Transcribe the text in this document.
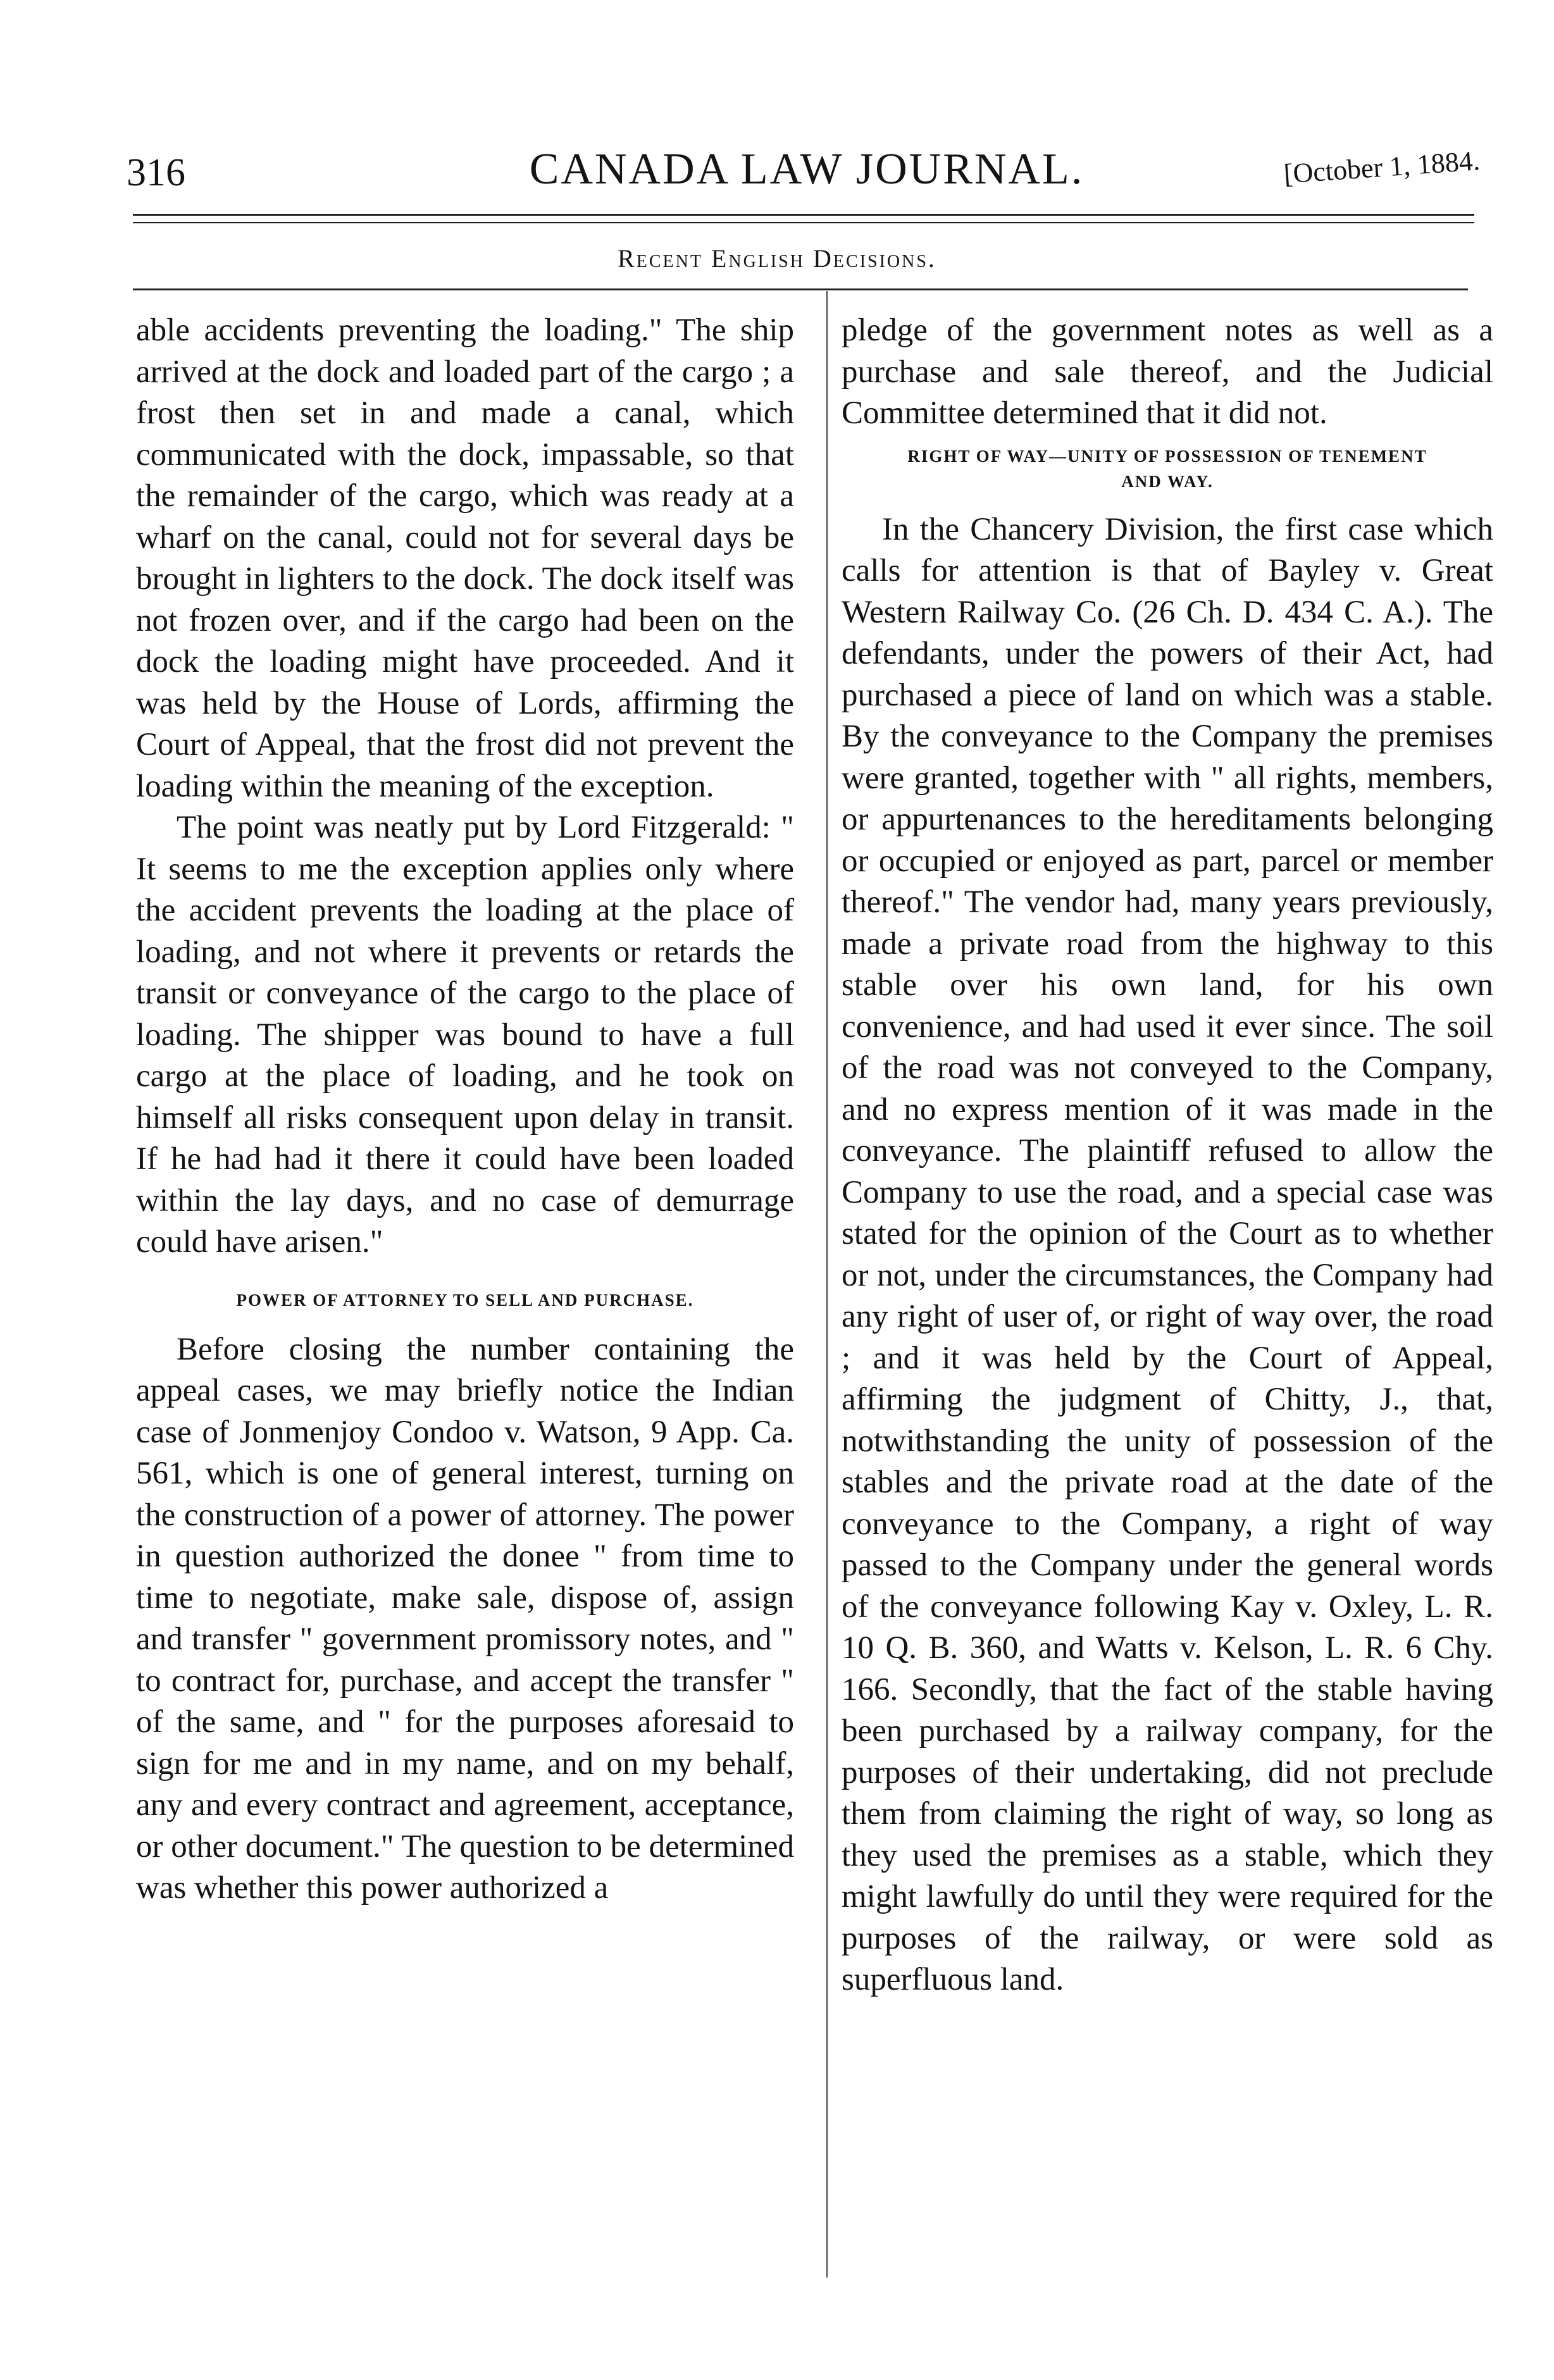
316	CANADA LAW JOURNAL.	[October 1, 1884.
Recent English Decisions.

able accidents preventing the loading." The ship arrived at the dock and loaded part of the cargo ; a frost then set in and made a canal, which communicated with the dock, impassable, so that the remainder of the cargo, which was ready at a wharf on the canal, could not for several days be brought in lighters to the dock. The dock itself was not frozen over, and if the cargo had been on the dock the loading might have proceeded. And it was held by the House of Lords, affirming the Court of Appeal, that the frost did not prevent the loading within the meaning of the exception.

The point was neatly put by Lord Fitzgerald: " It seems to me the exception applies only where the accident prevents the loading at the place of loading, and not where it prevents or retards the transit or conveyance of the cargo to the place of loading. The shipper was bound to have a full cargo at the place of loading, and he took on himself all risks consequent upon delay in transit. If he had had it there it could have been loaded within the lay days, and no case of demurrage could have arisen."

POWER OF ATTORNEY TO SELL AND PURCHASE.

Before closing the number containing the appeal cases, we may briefly notice the Indian case of Jonmenjoy Condoo v. Watson, 9 App. Ca. 561, which is one of general interest, turning on the construction of a power of attorney. The power in question authorized the donee " from time to time to negotiate, make sale, dispose of, assign and transfer " government promissory notes, and " to contract for, purchase, and accept the transfer " of the same, and " for the purposes aforesaid to sign for me and in my name, and on my behalf, any and every contract and agreement, acceptance, or other document." The question to be determined was whether this power authorized a

pledge of the government notes as well as a purchase and sale thereof, and the Judicial Committee determined that it did not.

RIGHT OF WAY—UNITY OF POSSESSION OF TENEMENT
AND WAY.

In the Chancery Division, the first case which calls for attention is that of Bayley v. Great Western Railway Co. (26 Ch. D. 434 C. A.). The defendants, under the powers of their Act, had purchased a piece of land on which was a stable. By the conveyance to the Company the premises were granted, together with " all rights, members, or appurtenances to the hereditaments belonging or occupied or enjoyed as part, parcel or member thereof." The vendor had, many years previously, made a private road from the highway to this stable over his own land, for his own convenience, and had used it ever since. The soil of the road was not conveyed to the Company, and no express mention of it was made in the conveyance. The plaintiff refused to allow the Company to use the road, and a special case was stated for the opinion of the Court as to whether or not, under the circumstances, the Company had any right of user of, or right of way over, the road ; and it was held by the Court of Appeal, affirming the judgment of Chitty, J., that, notwithstanding the unity of possession of the stables and the private road at the date of the conveyance to the Company, a right of way passed to the Company under the general words of the conveyance following Kay v. Oxley, L. R. 10 Q. B. 360, and Watts v. Kelson, L. R. 6 Chy. 166. Secondly, that the fact of the stable having been purchased by a railway company, for the purposes of their undertaking, did not preclude them from claiming the right of way, so long as they used the premises as a stable, which they might lawfully do until they were required for the purposes of the railway, or were sold as superfluous land.
